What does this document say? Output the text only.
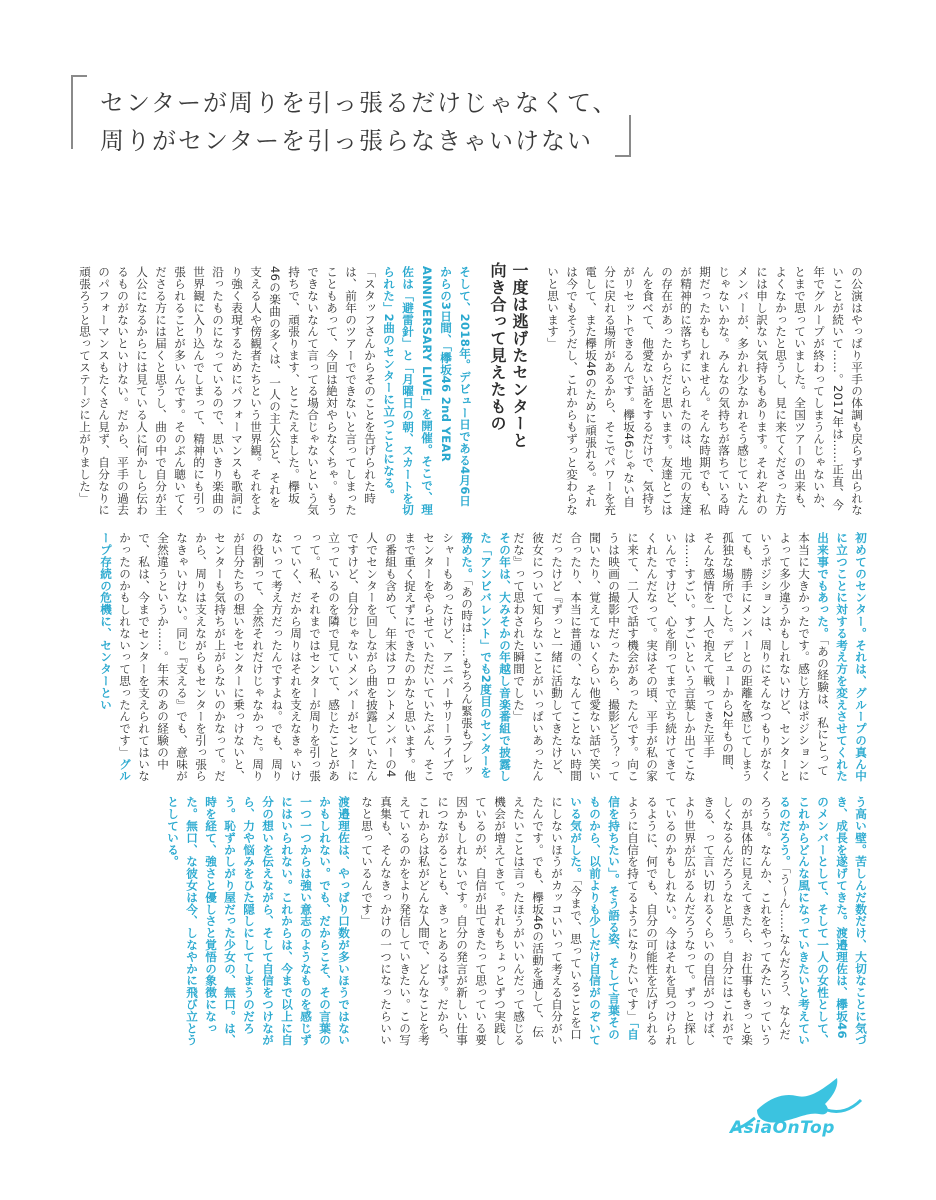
センターが周りを引っ張るだけじゃなくて、
周りがセンターを引っ張らなきゃいけない
一度は逃げたセンターと
向き合って見えたもの	の公演はやっぱり平手の体調も戻らず出られないことが続いて……。2017年は……正直、今年でグループが終わってしまうんじゃないか、とまで思っていました。全国ツアーの出来も、よくなかったと思うし、見に来てくださった方には申し訳ない気持ちもあります。それぞれのメンバーが、多かれ少なかれそう感じていたんじゃないかな。みんなの気持ちが落ちている時期だったかもしれません。そんな時期でも、私が精神的に落ちずにいられたのは、地元の友達の存在があったからだと思います。友達とごはんを食べて、他愛ない話をするだけで、気持ちがリセットできるんです。欅坂46じゃない自分に戻れる場所があるから、そこでパワーを充電して、また欅坂46のために頑張れる。それは今でもそうだし、これからもずっと変わらないと思います」
そして、2018年。デビュー日である4月6日からの3日間、「欅坂46 2nd YEAR ANNIVERSARY LIVE」を開催。そこで、理佐は「避雷針」と「月曜日の朝、スカートを切られた」2曲のセンターに立つことになる。「スタッフさんからそのことを告げられた時は、前年のツアーでできないと言ってしまったこともあって、今回は絶対やらなくちゃ。もうできないなんて言ってる場合じゃないという気持ちで、頑張ります、とこたえました。欅坂46の楽曲の多くは、一人の主人公と、それを支える人や傍観者たちという世界観。それをより強く表現するためにパフォーマンスも歌詞に沿ったものになっているので、思いきり楽曲の世界観に入り込んでしまって、精神的にも引っ張られることが多いんです。そのぶん聴いてくださる方には届くと思うし、曲の中で自分が主人公になるからには見ている人に何かしら伝わるものがないといけない。だから、平手の過去のパフォーマンスもたくさん見ず、自分なりに頑張ろうと思ってステージに上がりました」
初めてのセンター。それは、グループの真ん中に立つことに対する考え方を変えさせてくれた出来事でもあった。「あの経験は、私にとって本当に大きかったです。感じ方はポジションによって多少違うかもしれないけど、センターというポジションは、周りにそんなつもりがなくても、勝手にメンバーとの距離を感じてしまう孤独な場所でした。デビューから2年もの間、そんな感情を一人で抱えて戦ってきた平手は……すごい。すごいという言葉しか出てこないんですけど、心を削ってまで立ち続けてきてくれたんだなって。実はその頃、平手が私の家に来て、二人で話す機会があったんです。向こうは映画の撮影中だったから、撮影どう？って聞いたり、覚えてないくらい他愛ない話で笑い合ったり、本当に普通の、なんてことない時間だったけど『ずっと一緒に活動してきたけど、彼女について知らないことがいっぱいあったんだな』って思わされた瞬間でした」
その年は、大みそかの年越し音楽番組で披露した「アンビバレント」でも2度目のセンターを務めた。「あの時は……もちろん緊張もプレッシャーもあったけど、アニバーサリーライブでセンターをやらせていただいていたぶん、そこまで重く捉えずにできたのかなと思います。他の番組も含めて、年末はフロントメンバーの4人でセンターを回しながら曲を披露していたんですけど、自分じゃないメンバーがセンターに立っているのを隣で見ていて、感じたことがあって。私、それまではセンターが周りを引っ張っていく、だから周りはそれを支えなきゃいけないって考え方だったんですよね。でも、周りの役割って、全然それだけじゃなかった。周りが自分たちの想いをセンターに乗っけないと、センターも気持ちが上がらないのかなって。だから、周りは支えながらもセンターを引っ張らなきゃいけない。同じ『支える』でも、意味が全然違うというか……。年末のあの経験の中で、私は、今までセンターを支えられてはいなかったのかもしれないって思ったんです」グループ存続の危機に、センターとい
う高い壁。苦しんだ数だけ、大切なことに気づき、成長を遂げてきた。渡邉理佐は、欅坂46のメンバーとして、そして一人の女性として、これからどんな風になっていきたいと考えているのだろう。「う〜ん……なんだろう、なんだろうな。なんか、これをやってみたいっていうのが具体的に見えてきたら、お仕事もきっと楽しくなるんだろうなと思う。自分にはこれができる、って言い切れるくらいの自信がつけば、より世界が広がるんだろうなって。ずっと探しているのかもしれない。今はそれを見つけられるように、何でも、自分の可能性を広げられるように自信を持てるようになりたいです」「自信を持ちたい」。そう語る姿、そして言葉そのものから、以前よりも少しだけ自信がのぞいている気がした。「今まで、思っていることを口にしないほうがカッコいいって考える自分がいたんです。でも、欅坂46の活動を通して、伝えたいことは言ったほうがいいんだって感じる機会が増えてきて。それもちょっとずつ実践しているのが、自信が出てきたって思っている要因かもしれないです。自分の発言が新しい仕事につながることも、きっとあるはず。だから、これからは私がどんな人間で、どんなことを考えているのかをより発信していきたい。この写真集も、そんなきっかけの一つになったらいいなと思っているんです」
渡邉理佐は、やっぱり口数が多いほうではないかもしれない。でも、だからこそ、その言葉の一つ一つからは強い意志のようなものを感じずにはいられない。これからは、今まで以上に自分の想いを伝えながら、そして自信をつけながら、力や悩みをひた隠しにしてしまうのだろう。恥ずかしがり屋だった少女の、無口。は、時を経て、強さと優しさと覚悟の象徴になった。無口、な彼女は今、しなやかに飛び立とうとしている。
AsiaOnTop
